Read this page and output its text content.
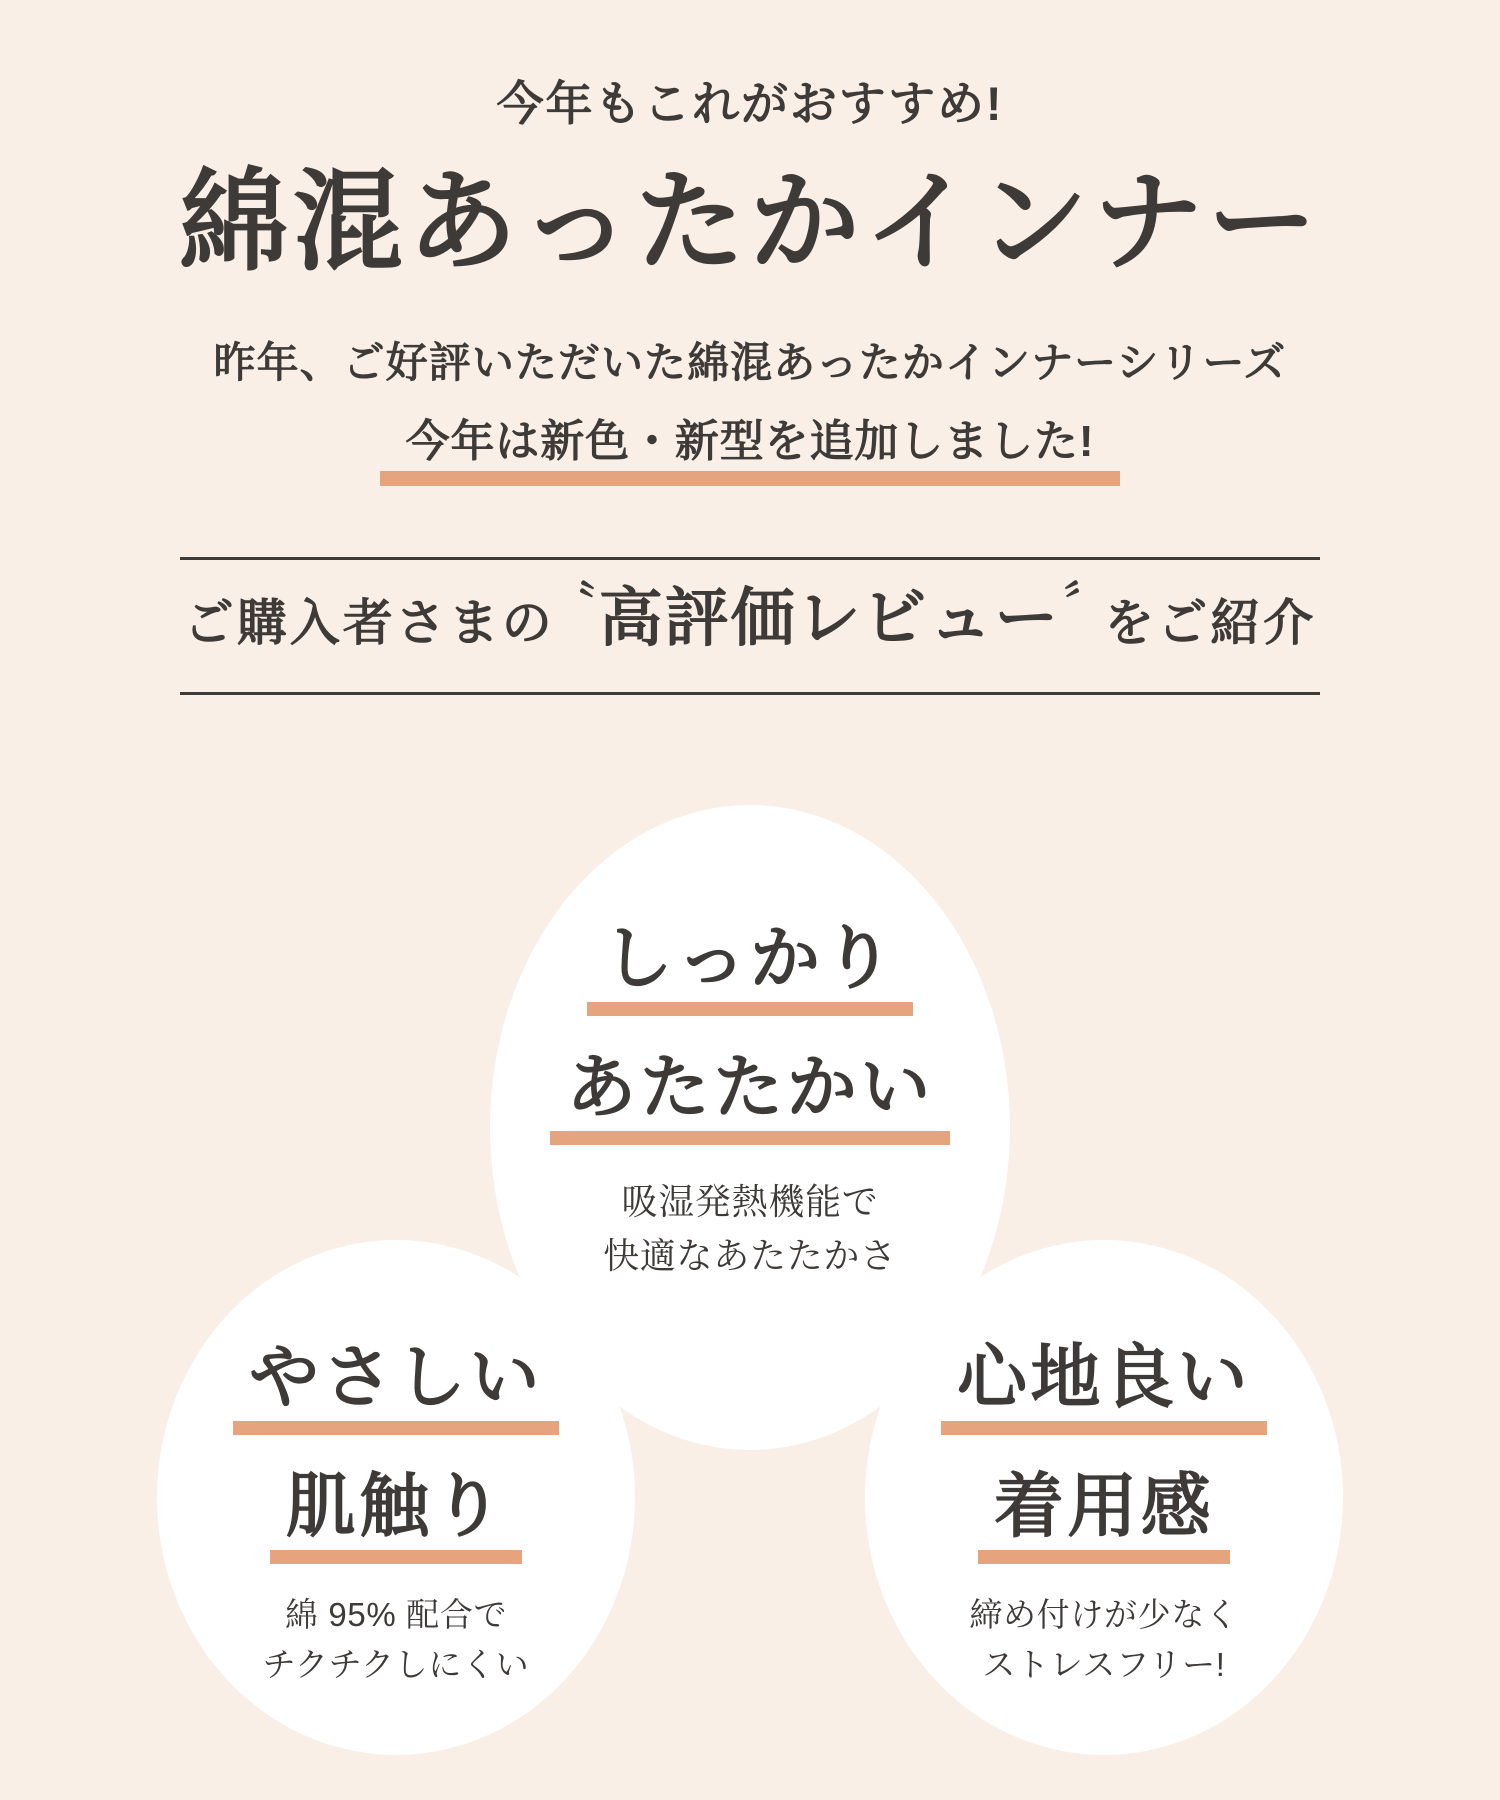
今年もこれがおすすめ!
綿混あったかインナー
昨年、ご好評いただいた綿混あったかインナーシリーズ
今年は新色・新型を追加しました!
ご購入者さまの 〝 高評価レビュー 〞 をご紹介
しっかり
あたたかい
吸湿発熱機能で
快適なあたたかさ
やさしい
肌触り
綿 95% 配合で
チクチクしにくい
心地良い
着用感
締め付けが少なく
ストレスフリー!
